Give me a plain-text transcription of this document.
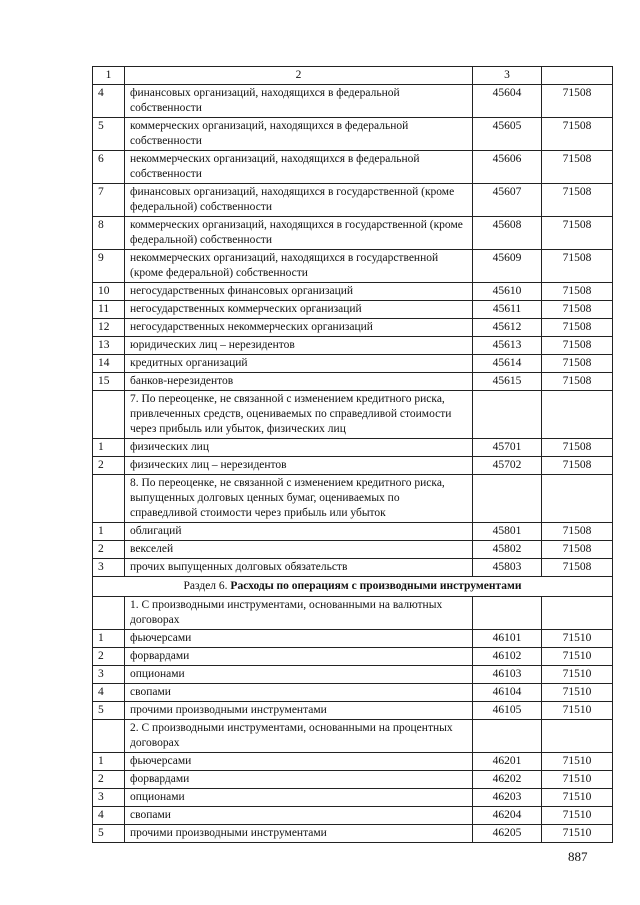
1	2	3	
4	финансовых организаций, находящихся в федеральной собственности	45604	71508
5	коммерческих организаций, находящихся в федеральной собственности	45605	71508
6	некоммерческих организаций, находящихся в федеральной собственности	45606	71508
7	финансовых организаций, находящихся в государственной (кроме федеральной) собственности	45607	71508
8	коммерческих организаций, находящихся в государственной (кроме федеральной) собственности	45608	71508
9	некоммерческих организаций, находящихся в государственной (кроме федеральной) собственности	45609	71508
10	негосударственных финансовых организаций	45610	71508
11	негосударственных коммерческих организаций	45611	71508
12	негосударственных некоммерческих организаций	45612	71508
13	юридических лиц – нерезидентов	45613	71508
14	кредитных организаций	45614	71508
15	банков-нерезидентов	45615	71508
	7. По переоценке, не связанной с изменением кредитного риска, привлеченных средств, оцениваемых по справедливой стоимости через прибыль или убыток, физических лиц		
1	физических лиц	45701	71508
2	физических лиц – нерезидентов	45702	71508
	8. По переоценке, не связанной с изменением кредитного риска, выпущенных долговых ценных бумаг, оцениваемых по справедливой стоимости через прибыль или убыток		
1	облигаций	45801	71508
2	векселей	45802	71508
3	прочих выпущенных долговых обязательств	45803	71508
Раздел 6. Расходы по операциям с производными инструментами			
	1. С производными инструментами, основанными на валютных договорах		
1	фьючерсами	46101	71510
2	форвардами	46102	71510
3	опционами	46103	71510
4	свопами	46104	71510
5	прочими производными инструментами	46105	71510
	2. С производными инструментами, основанными на процентных договорах		
1	фьючерсами	46201	71510
2	форвардами	46202	71510
3	опционами	46203	71510
4	свопами	46204	71510
5	прочими производными инструментами	46205	71510
887
